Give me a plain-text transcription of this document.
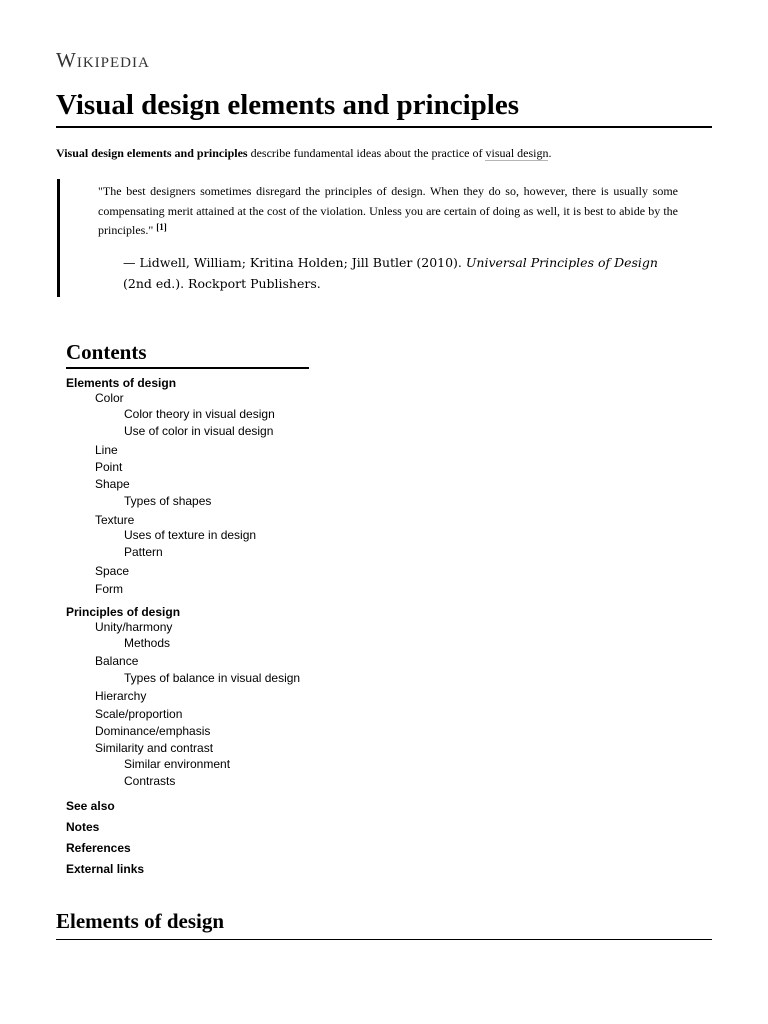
Wikipedia
Visual design elements and principles
Visual design elements and principles describe fundamental ideas about the practice of visual design.
"The best designers sometimes disregard the principles of design. When they do so, however, there is usually some compensating merit attained at the cost of the violation. Unless you are certain of doing as well, it is best to abide by the principles." [1]
— Lidwell, William; Kritina Holden; Jill Butler (2010). Universal Principles of Design (2nd ed.). Rockport Publishers.
Contents
Elements of design
Color
Color theory in visual design
Use of color in visual design
Line
Point
Shape
Types of shapes
Texture
Uses of texture in design
Pattern
Space
Form
Principles of design
Unity/harmony
Methods
Balance
Types of balance in visual design
Hierarchy
Scale/proportion
Dominance/emphasis
Similarity and contrast
Similar environment
Contrasts
See also
Notes
References
External links
Elements of design
